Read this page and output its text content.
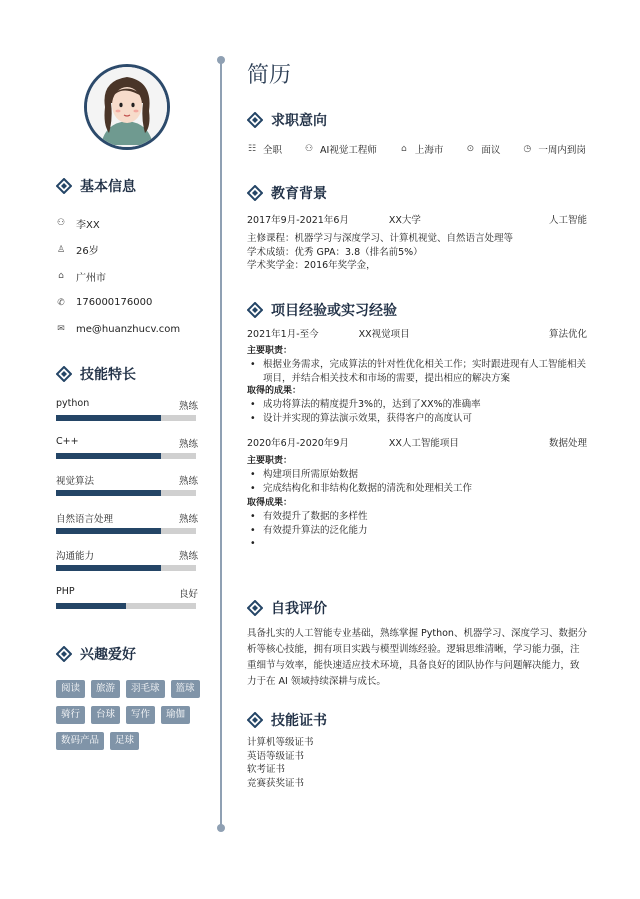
基本信息
⚇ 李XX
♙ 26岁
⌂ 广州市
✆ 176000176000
✉ me@huanzhucv.com
技能特长
python	熟练
C++	熟练
视觉算法	熟练
自然语言处理	熟练
沟通能力	熟练
PHP	良好
兴趣爱好
阅读	旅游	羽毛球	篮球
骑行	台球	写作	瑜伽
数码产品	足球
简历
求职意向
☷ 全职	⚇ AI视觉工程师	⌂ 上海市	⊙ 面议	◷ 一周内到岗
教育背景
2017年9月-2021年6月	XX大学	人工智能
主修课程：机器学习与深度学习、计算机视觉、自然语言处理等
学术成绩：优秀 GPA：3.8（排名前5%）
学术奖学金：2016年奖学金，
项目经验或实习经验
2021年1月-至今	XX视觉项目	算法优化
主要职责：
• 根据业务需求，完成算法的针对性优化相关工作；实时跟进现有人工智能相关项目，并结合相关技术和市场的需要，提出相应的解决方案
取得的成果：
• 成功将算法的精度提升3%的，达到了XX%的准确率
• 设计并实现的算法演示效果，获得客户的高度认可
2020年6月-2020年9月	XX人工智能项目	数据处理
主要职责：
• 构建项目所需原始数据
• 完成结构化和非结构化数据的清洗和处理相关工作
取得成果：
• 有效提升了数据的多样性
• 有效提升算法的泛化能力
自我评价
具备扎实的人工智能专业基础，熟练掌握 Python、机器学习、深度学习、数据分析等核心技能，拥有项目实践与模型训练经验。逻辑思维清晰，学习能力强，注重细节与效率，能快速适应技术环境，具备良好的团队协作与问题解决能力，致力于在 AI 领域持续深耕与成长。
技能证书
计算机等级证书
英语等级证书
软考证书
竞赛获奖证书
